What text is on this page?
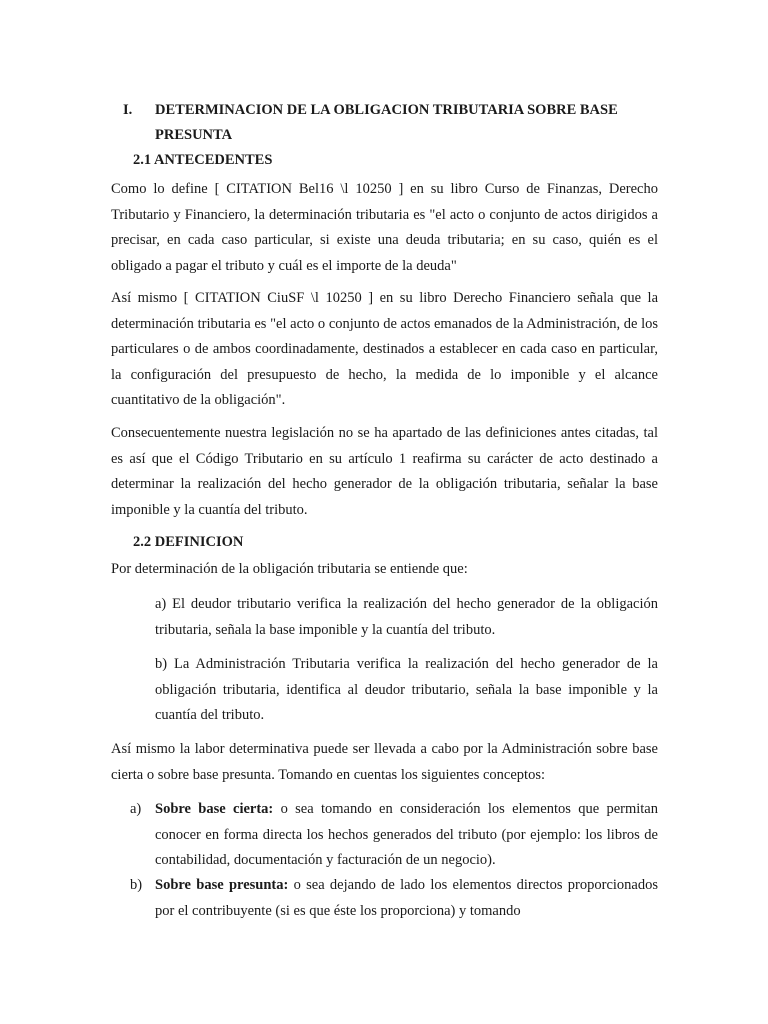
I.	DETERMINACION DE LA OBLIGACION TRIBUTARIA SOBRE BASE PRESUNTA
2.1 ANTECEDENTES

Como lo define [ CITATION Bel16 \l 10250 ] en su libro Curso de Finanzas, Derecho Tributario y Financiero, la determinación tributaria es "el acto o conjunto de actos dirigidos a precisar, en cada caso particular, si existe una deuda tributaria; en su caso, quién es el obligado a pagar el tributo y cuál es el importe de la deuda"

Así mismo [ CITATION CiuSF \l 10250 ] en su libro Derecho Financiero señala que la determinación tributaria es "el acto o conjunto de actos emanados de la Administración, de los particulares o de ambos coordinadamente, destinados a establecer en cada caso en particular, la configuración del presupuesto de hecho, la medida de lo imponible y el alcance cuantitativo de la obligación".

Consecuentemente nuestra legislación no se ha apartado de las definiciones antes citadas, tal es así que el Código Tributario en su artículo 1 reafirma su carácter de acto destinado a determinar la realización del hecho generador de la obligación tributaria, señalar la base imponible y la cuantía del tributo.

2.2 DEFINICION

Por determinación de la obligación tributaria se entiende que:

a) El deudor tributario verifica la realización del hecho generador de la obligación tributaria, señala la base imponible y la cuantía del tributo.

b) La Administración Tributaria verifica la realización del hecho generador de la obligación tributaria, identifica al deudor tributario, señala la base imponible y la cuantía del tributo.

Así mismo la labor determinativa puede ser llevada a cabo por la Administración sobre base cierta o sobre base presunta. Tomando en cuentas los siguientes conceptos:

a) Sobre base cierta: o sea tomando en consideración los elementos que permitan conocer en forma directa los hechos generados del tributo (por ejemplo: los libros de contabilidad, documentación y facturación de un negocio).
b) Sobre base presunta: o sea dejando de lado los elementos directos proporcionados por el contribuyente (si es que éste los proporciona) y tomando
